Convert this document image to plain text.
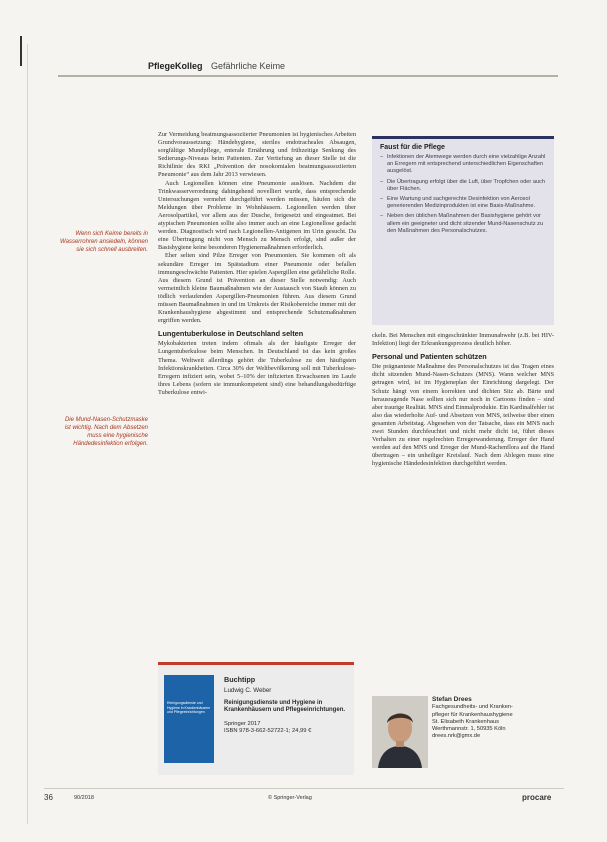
PflegeKolleg Gefährliche Keime
Wenn sich Keime bereits in Wasserrohren ansiedeln, können sie sich schnell ausbreiten.
Die Mund-Nasen-Schutzmaske ist wichtig. Nach dem Absetzen muss eine hygienische Händedesinfektion erfolgen.

Zur Vermeidung beatmungsassoziierter Pneumonien ist hygienisches Arbeiten Grundvoraussetzung: Händehygiene, steriles endotracheales Absaugen, sorgfältige Mundpflege, enterale Ernährung und frühzeitige Senkung des Sedierungs-Niveaus beim Patienten. Zur Vertiefung an dieser Stelle ist die Richtlinie des RKI „Prävention der nosokomialen beatmungsassoziierten Pneumonie“ aus dem Jahr 2013 verwiesen.

Auch Legionellen können eine Pneumonie auslösen. Nachdem die Trinkwasserverordnung dahingehend novelliert wurde, dass entsprechende Untersuchungen vermehrt durchgeführt werden müssen, häufen sich die Meldungen über Probleme in Wohnhäusern. Legionellen werden über Aerosolpartikel, vor allem aus der Dusche, freigesetzt und eingeatmet. Bei atypischen Pneumonien sollte also immer auch an eine Legionellose gedacht werden. Diagnostisch wird nach Legionellen-Antigenen im Urin gesucht. Da eine Übertragung nicht von Mensch zu Mensch erfolgt, sind außer der Basishygiene keine besonderen Hygienemaßnahmen erforderlich.

Eher selten sind Pilze Erreger von Pneumonien. Sie kommen oft als sekundäre Erreger im Spätstadium einer Pneumonie oder befallen immungeschwächte Patienten. Hier spielen Aspergillen eine gefährliche Rolle. Aus diesem Grund ist Prävention an dieser Stelle notwendig: Auch vermeintlich kleine Baumaßnahmen wie der Austausch von Staub können zu tödlich verlaufenden Aspergillen-Pneumonien führen. Aus diesem Grund müssen Baumaßnahmen in und im Umkreis der Risikobereiche immer mit der Krankenhaushygiene abgestimmt und entsprechende Schutzmaßnahmen ergriffen werden.

Lungentuberkulose in Deutschland selten

Mykobakterien treten indem oftmals als der häufigste Erreger der Lungentuberkulose beim Menschen. In Deutschland ist das kein großes Thema. Weltweit allerdings gehört die Tuberkulose zu den häufigsten Infektionskrankheiten. Circa 30% der Weltbevölkerung soll mit Tuberkulose-Erregern infiziert sein, wobei 5–10% der infizierten Erwachsenen im Laufe ihres Lebens (sofern sie immunkompetent sind) eine behandlungsbedürftige Tuberkulose entwi-

Faust für die Pflege
– Infektionen der Atemwege werden durch eine vielzahlige Anzahl an Erregern mit entsprechend unterschiedlichen Eigenschaften ausgelöst.
– Die Übertragung erfolgt über die Luft, über Tropfchen oder auch über Flächen.
– Eine Wartung und sachgerechte Desinfektion von Aerosol generierenden Medizinprodukten ist eine Basis-Maßnahme.
– Neben den üblichen Maßnahmen der Basishygiene gehört vor allem ein geeigneter und dicht sitzender Mund-Nasenschutz zu den Maßnahmen des Personalschutzes.

ckeln. Bei Menschen mit eingeschränkter Immunabwehr (z.B. bei HIV-Infektion) liegt der Erkrankungsprozess deutlich höher.

Personal und Patienten schützen

Die prägnanteste Maßnahme des Personalschutzes ist das Tragen eines dicht sitzenden Mund-Nasen-Schutzes (MNS). Wann welcher MNS getragen wird, ist im Hygieneplan der Einrichtung dargelegt. Der Schutz hängt von einem korrekten und dichten Sitz ab. Bärte und herausragende Nase sollten sich nur noch in Cartoons finden – sind aber traurige Realität. MNS sind Einmalprodukte. Ein Kardinalfehler ist also das wiederholte Auf- und Absetzen von MNS, teilweise über einen gesamten Arbeitstag. Abgesehen von der Tatsache, dass ein MNS nach zwei Stunden durchfeuchtet und nicht mehr dicht ist, führt dieses Verhalten zu einer regelrechten Erregerwanderung. Erreger der Hand werden auf den MNS und Erreger der Mund-Rachenflora auf die Hand übertragen – ein unheiliger Kreislauf. Nach dem Ablegen muss eine hygienische Händedesinfektion durchgeführt werden.

Reinigungsdienste und Hygiene in Krankenhäusern und Pflegeeinrichtungen
Buchtipp
Ludwig C. Weber
Reinigungsdienste und Hygiene in Krankenhäusern und Pflegeeinrichtungen.
Springer 2017
ISBN 978-3-662-52722-1; 24,99 €
Stefan Drees
Fachgesundheits- und Kranken-
pfleger für Krankenhaushygiene
St. Elisabeth Krankenhaus
Werthmannstr. 1, 50935 Köln
drees.nrk@gmx.de
36	90/2018	© Springer-Verlag	procare
